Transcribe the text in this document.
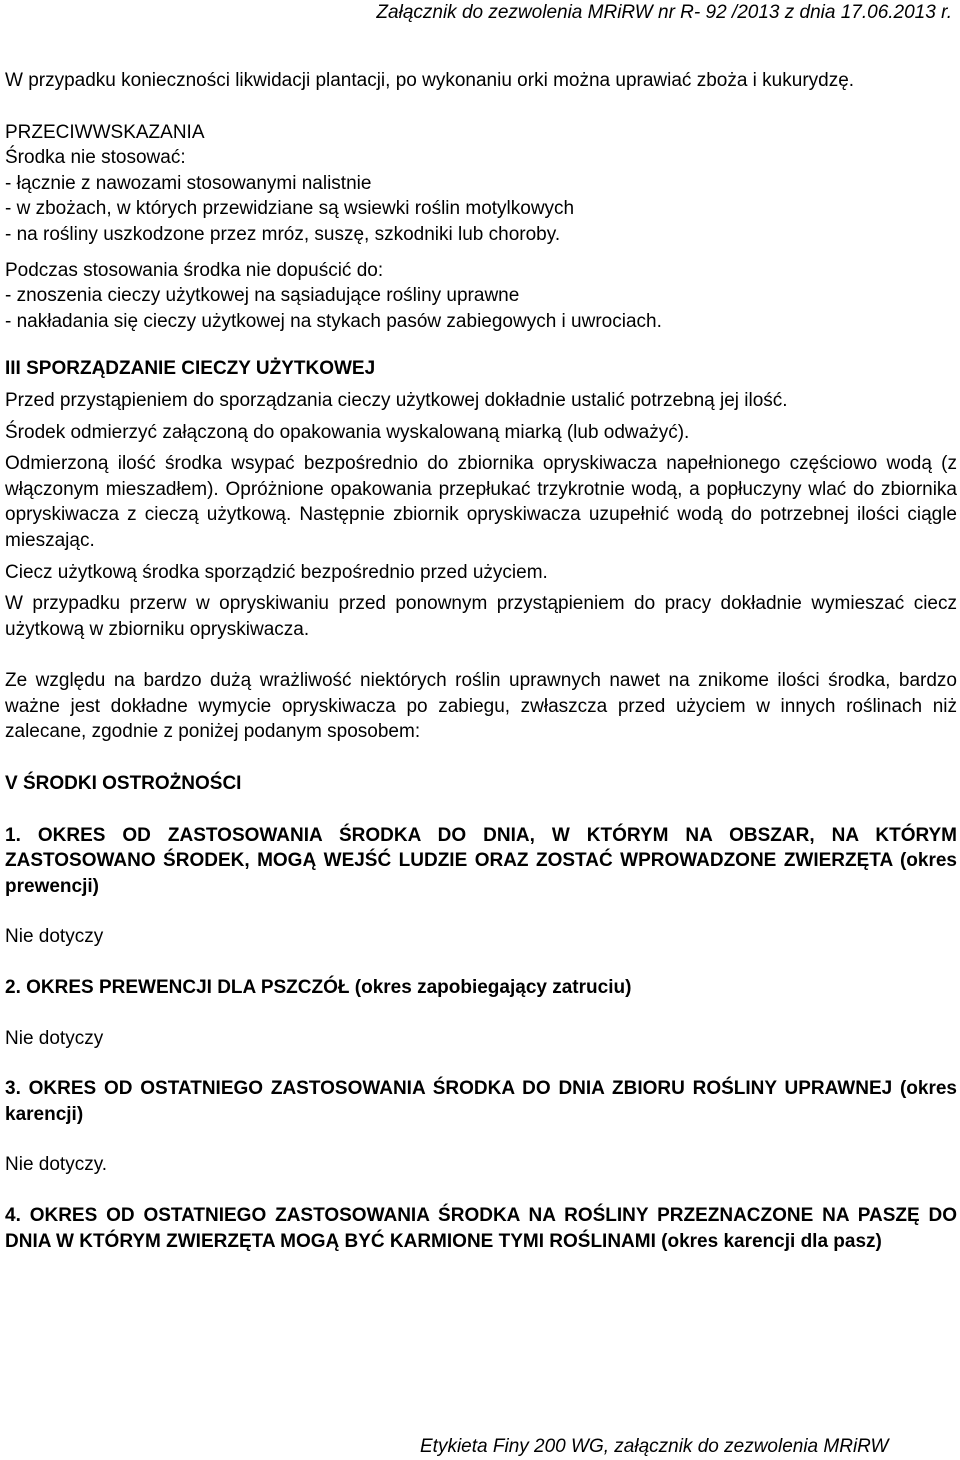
Załącznik do zezwolenia MRiRW nr R- 92 /2013 z dnia 17.06.2013 r.

W przypadku konieczności likwidacji plantacji, po wykonaniu orki można uprawiać zboża i kukurydzę.

PRZECIWWSKAZANIA

Środka nie stosować:

- łącznie z nawozami stosowanymi nalistnie

- w zbożach, w których przewidziane są wsiewki roślin motylkowych

- na rośliny uszkodzone przez mróz, suszę, szkodniki lub choroby.

Podczas stosowania środka nie dopuścić do:

- znoszenia cieczy użytkowej na sąsiadujące rośliny uprawne

- nakładania się cieczy użytkowej na stykach pasów zabiegowych i uwrociach.

III SPORZĄDZANIE CIECZY UŻYTKOWEJ

Przed przystąpieniem do sporządzania cieczy użytkowej dokładnie ustalić potrzebną jej ilość.

Środek odmierzyć załączoną do opakowania wyskalowaną miarką (lub odważyć).

Odmierzoną ilość środka wsypać bezpośrednio do zbiornika opryskiwacza napełnionego częściowo wodą (z włączonym mieszadłem). Opróżnione opakowania przepłukać trzykrotnie wodą, a popłuczyny wlać do zbiornika opryskiwacza z cieczą użytkową. Następnie zbiornik opryskiwacza uzupełnić wodą do potrzebnej ilości ciągle mieszając.

Ciecz użytkową środka sporządzić bezpośrednio przed użyciem.

W przypadku przerw w opryskiwaniu przed ponownym przystąpieniem do pracy dokładnie wymieszać ciecz użytkową w zbiorniku opryskiwacza.

Ze względu na bardzo dużą wrażliwość niektórych roślin uprawnych nawet na znikome ilości środka, bardzo ważne jest dokładne wymycie opryskiwacza po zabiegu, zwłaszcza przed użyciem w innych roślinach niż zalecane, zgodnie z poniżej podanym sposobem:

V ŚRODKI OSTROŻNOŚCI

1. OKRES OD ZASTOSOWANIA ŚRODKA DO DNIA, W KTÓRYM NA OBSZAR, NA KTÓRYM ZASTOSOWANO ŚRODEK, MOGĄ WEJŚĆ LUDZIE ORAZ ZOSTAĆ WPROWADZONE ZWIERZĘTA (okres prewencji)

Nie dotyczy

2. OKRES PREWENCJI DLA PSZCZÓŁ (okres zapobiegający zatruciu)

Nie dotyczy

3. OKRES OD OSTATNIEGO ZASTOSOWANIA ŚRODKA DO DNIA ZBIORU ROŚLINY UPRAWNEJ (okres karencji)

Nie dotyczy.

4. OKRES OD OSTATNIEGO ZASTOSOWANIA ŚRODKA NA ROŚLINY PRZEZNACZONE NA PASZĘ DO DNIA W KTÓRYM ZWIERZĘTA MOGĄ BYĆ KARMIONE TYMI ROŚLINAMI (okres karencji dla pasz)

Etykieta Finy 200 WG, załącznik do zezwolenia MRiRW
